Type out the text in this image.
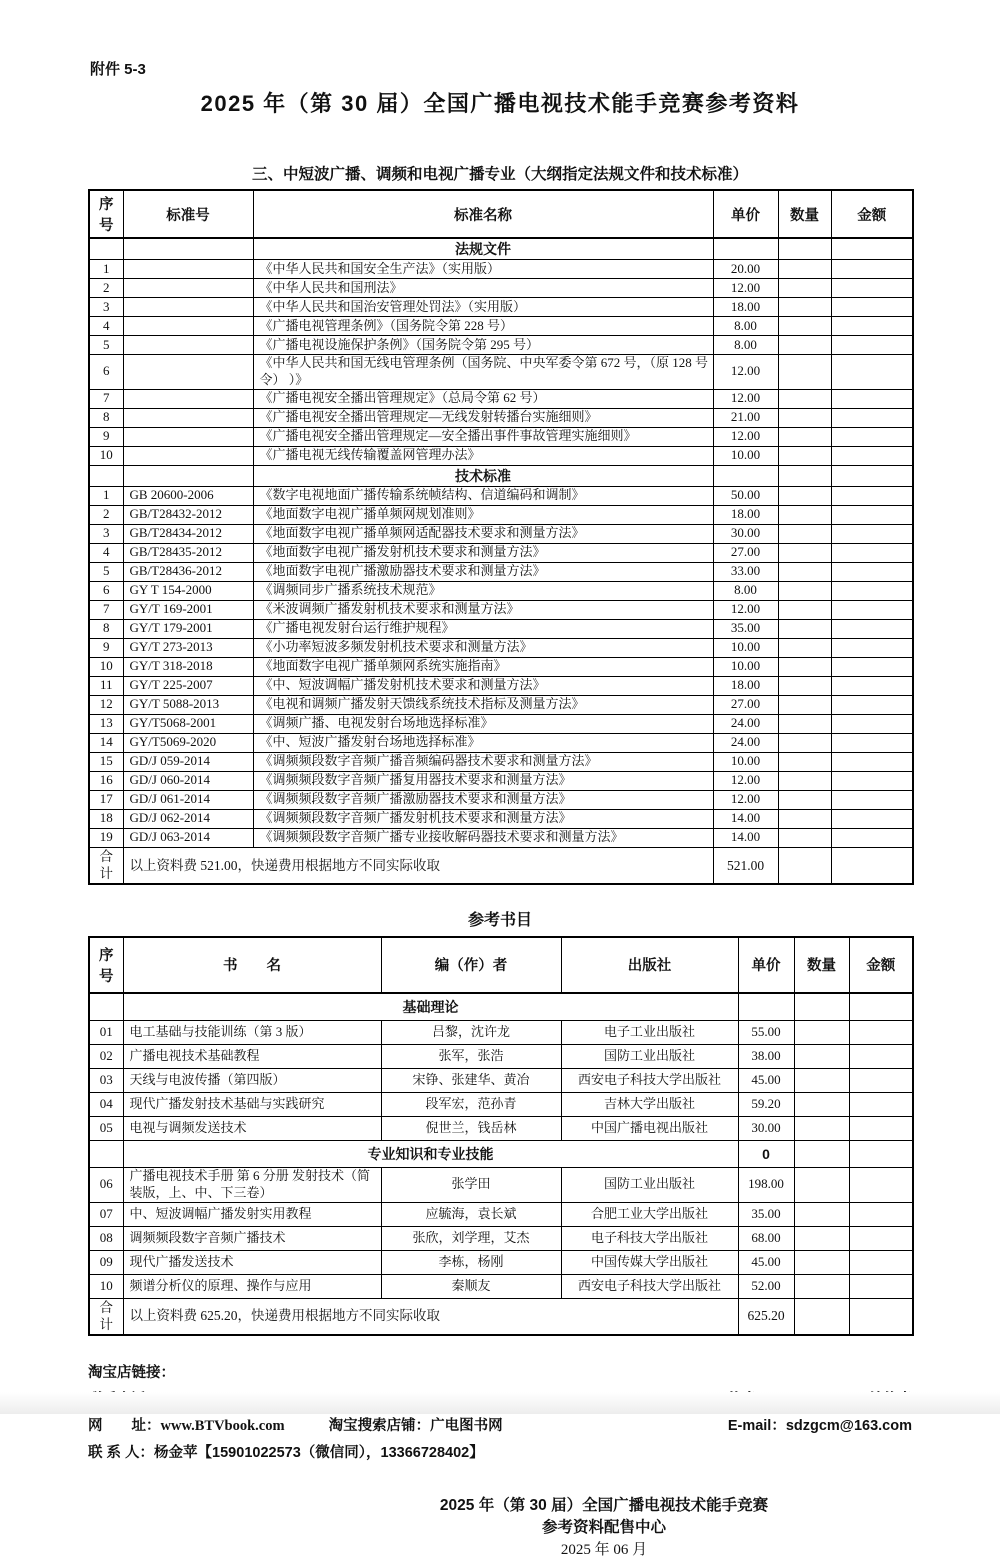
附件 5-3
2025 年（第 30 届）全国广播电视技术能手竞赛参考资料
三、中短波广播、调频和电视广播专业（大纲指定法规文件和技术标准）
序号	标准号	标准名称	单价	数量	金额
		法规文件			
1		《中华人民共和国安全生产法》（实用版）	20.00		
2		《中华人民共和国刑法》	12.00		
3		《中华人民共和国治安管理处罚法》（实用版）	18.00		
4		《广播电视管理条例》（国务院令第 228 号）	8.00		
5		《广播电视设施保护条例》（国务院令第 295 号）	8.00		
6		《中华人民共和国无线电管理条例（国务院、中央军委令第 672 号，（原 128 号令） ）》	12.00		
7		《广播电视安全播出管理规定》（总局令第 62 号）	12.00		
8		《广播电视安全播出管理规定—无线发射转播台实施细则》	21.00		
9		《广播电视安全播出管理规定—安全播出事件事故管理实施细则》	12.00		
10		《广播电视无线传输覆盖网管理办法》	10.00		
		技术标准			
1	GB 20600-2006	《数字电视地面广播传输系统帧结构、信道编码和调制》	50.00		
2	GB/T28432-2012	《地面数字电视广播单频网规划准则》	18.00		
3	GB/T28434-2012	《地面数字电视广播单频网适配器技术要求和测量方法》	30.00		
4	GB/T28435-2012	《地面数字电视广播发射机技术要求和测量方法》	27.00		
5	GB/T28436-2012	《地面数字电视广播激励器技术要求和测量方法》	33.00		
6	GY T 154-2000	《调频同步广播系统技术规范》	8.00		
7	GY/T 169-2001	《米波调频广播发射机技术要求和测量方法》	12.00		
8	GY/T 179-2001	《广播电视发射台运行维护规程》	35.00		
9	GY/T 273-2013	《小功率短波多频发射机技术要求和测量方法》	10.00		
10	GY/T 318-2018	《地面数字电视广播单频网系统实施指南》	10.00		
11	GY/T 225-2007	《中、短波调幅广播发射机技术要求和测量方法》	18.00		
12	GY/T 5088-2013	《电视和调频广播发射天馈线系统技术指标及测量方法》	27.00		
13	GY/T5068-2001	《调频广播、电视发射台场地选择标准》	24.00		
14	GY/T5069-2020	《中、短波广播发射台场地选择标准》	24.00		
15	GD/J 059-2014	《调频频段数字音频广播音频编码器技术要求和测量方法》	10.00		
16	GD/J 060-2014	《调频频段数字音频广播复用器技术要求和测量方法》	12.00		
17	GD/J 061-2014	《调频频段数字音频广播激励器技术要求和测量方法》	12.00		
18	GD/J 062-2014	《调频频段数字音频广播发射机技术要求和测量方法》	14.00		
19	GD/J 063-2014	《调频频段数字音频广播专业接收解码器技术要求和测量方法》	14.00		
合计	以上资料费 521.00，快递费用根据地方不同实际收取		521.00		
参考书目
序号	书　　名	编（作）者	出版社	单价	数量	金额
	基础理论					
01	电工基础与技能训练（第 3 版）	吕黎，沈许龙	电子工业出版社	55.00		
02	广播电视技术基础教程	张军，张浩	国防工业出版社	38.00		
03	天线与电波传播（第四版）	宋铮、张建华、黄冶	西安电子科技大学出版社	45.00		
04	现代广播发射技术基础与实践研究	段军宏，范孙青	吉林大学出版社	59.20		
05	电视与调频发送技术	倪世兰，钱岳林	中国广播电视出版社	30.00		
	专业知识和专业技能			0		
06	广播电视技术手册 第 6 分册 发射技术（简装版，上、中、下三卷）	张学田	国防工业出版社	198.00		
07	中、短波调幅广播发射实用教程	应毓海，袁长斌	合肥工业大学出版社	35.00		
08	调频频段数字音频广播技术	张欣，刘学理，艾杰	电子科技大学出版社	68.00		
09	现代广播发送技术	李栋，杨刚	中国传媒大学出版社	45.00		
10	频谱分析仪的原理、操作与应用	秦顺友	西安电子科技大学出版社	52.00		
合计	以上资料费 625.20，快递费用根据地方不同实际收取			625.20		
淘宝店链接：
网　　址：www.BTVbook.com	淘宝搜索店铺：广电图书网	E-mail：sdzgcm@163.com
联 系 人：杨金苹【15901022573（微信同），13366728402】
2025 年（第 30 届）全国广播电视技术能手竞赛
参考资料配售中心
2025 年 06 月
